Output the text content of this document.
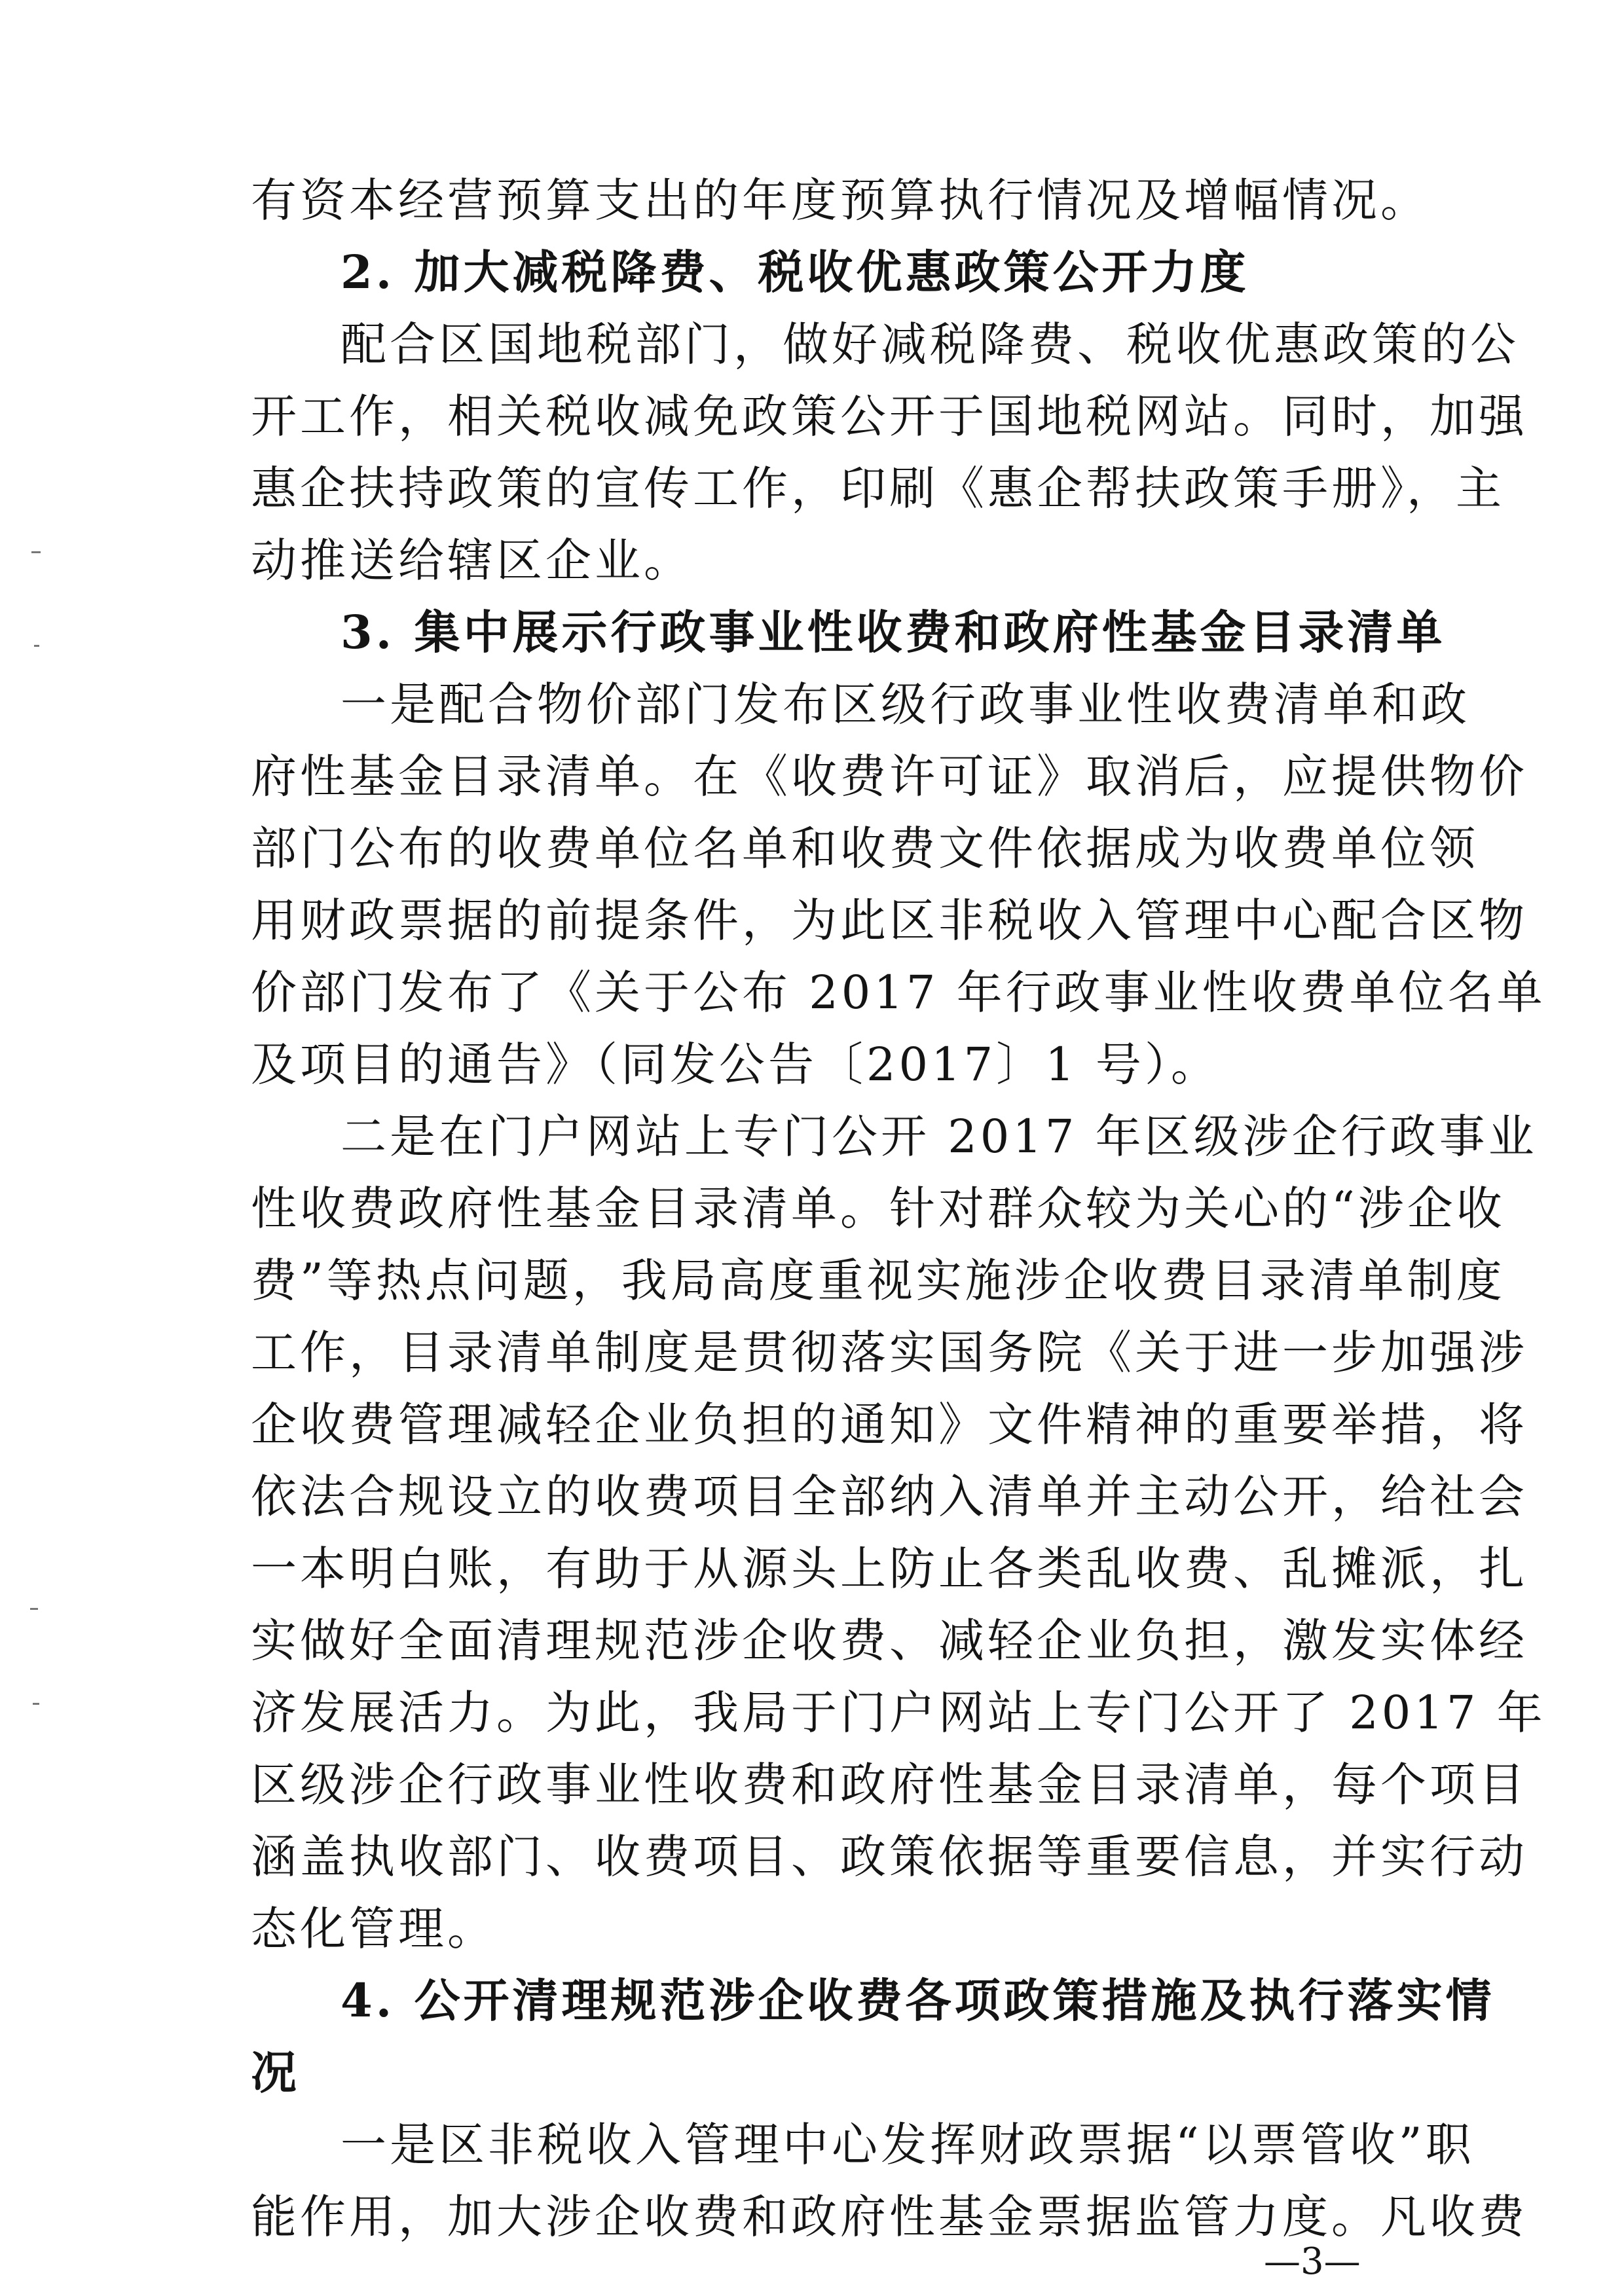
有资本经营预算支出的年度预算执行情况及增幅情况。
2. 加大减税降费、税收优惠政策公开力度
配合区国地税部门，做好减税降费、税收优惠政策的公
开工作，相关税收减免政策公开于国地税网站。同时，加强
惠企扶持政策的宣传工作，印刷《惠企帮扶政策手册》，主
动推送给辖区企业。
3. 集中展示行政事业性收费和政府性基金目录清单
一是配合物价部门发布区级行政事业性收费清单和政
府性基金目录清单。在《收费许可证》取消后，应提供物价
部门公布的收费单位名单和收费文件依据成为收费单位领
用财政票据的前提条件，为此区非税收入管理中心配合区物
价部门发布了《关于公布 2017 年行政事业性收费单位名单
及项目的通告》（同发公告〔2017〕1 号）。
二是在门户网站上专门公开 2017 年区级涉企行政事业
性收费政府性基金目录清单。针对群众较为关心的“涉企收
费”等热点问题，我局高度重视实施涉企收费目录清单制度
工作，目录清单制度是贯彻落实国务院《关于进一步加强涉
企收费管理减轻企业负担的通知》文件精神的重要举措，将
依法合规设立的收费项目全部纳入清单并主动公开，给社会
一本明白账，有助于从源头上防止各类乱收费、乱摊派，扎
实做好全面清理规范涉企收费、减轻企业负担，激发实体经
济发展活力。为此，我局于门户网站上专门公开了 2017 年
区级涉企行政事业性收费和政府性基金目录清单，每个项目
涵盖执收部门、收费项目、政策依据等重要信息，并实行动
态化管理。
4. 公开清理规范涉企收费各项政策措施及执行落实情
况
一是区非税收入管理中心发挥财政票据“以票管收”职
能作用，加大涉企收费和政府性基金票据监管力度。凡收费
—3—
